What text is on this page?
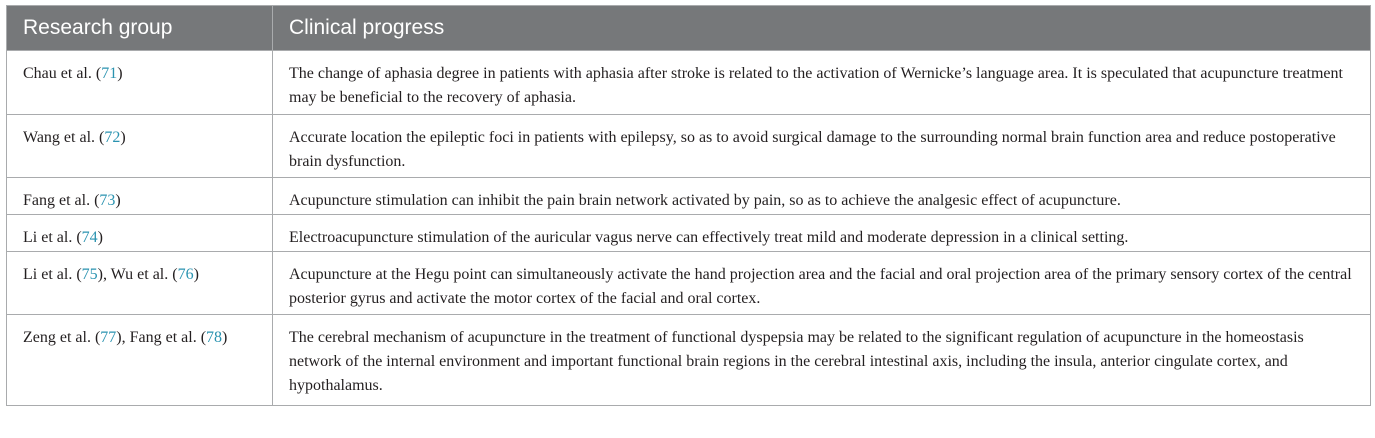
Research group	Clinical progress
Chau et al. (71)	The change of aphasia degree in patients with aphasia after stroke is related to the activation of Wernicke’s language area. It is speculated that acupuncture treatment may be beneficial to the recovery of aphasia.
Wang et al. (72)	Accurate location the epileptic foci in patients with epilepsy, so as to avoid surgical damage to the surrounding normal brain function area and reduce postoperative brain dysfunction.
Fang et al. (73)	Acupuncture stimulation can inhibit the pain brain network activated by pain, so as to achieve the analgesic effect of acupuncture.
Li et al. (74)	Electroacupuncture stimulation of the auricular vagus nerve can effectively treat mild and moderate depression in a clinical setting.
Li et al. (75), Wu et al. (76)	Acupuncture at the Hegu point can simultaneously activate the hand projection area and the facial and oral projection area of the primary sensory cortex of the central posterior gyrus and activate the motor cortex of the facial and oral cortex.
Zeng et al. (77), Fang et al. (78)	The cerebral mechanism of acupuncture in the treatment of functional dyspepsia may be related to the significant regulation of acupuncture in the homeostasis network of the internal environment and important functional brain regions in the cerebral intestinal axis, including the insula, anterior cingulate cortex, and hypothalamus.
